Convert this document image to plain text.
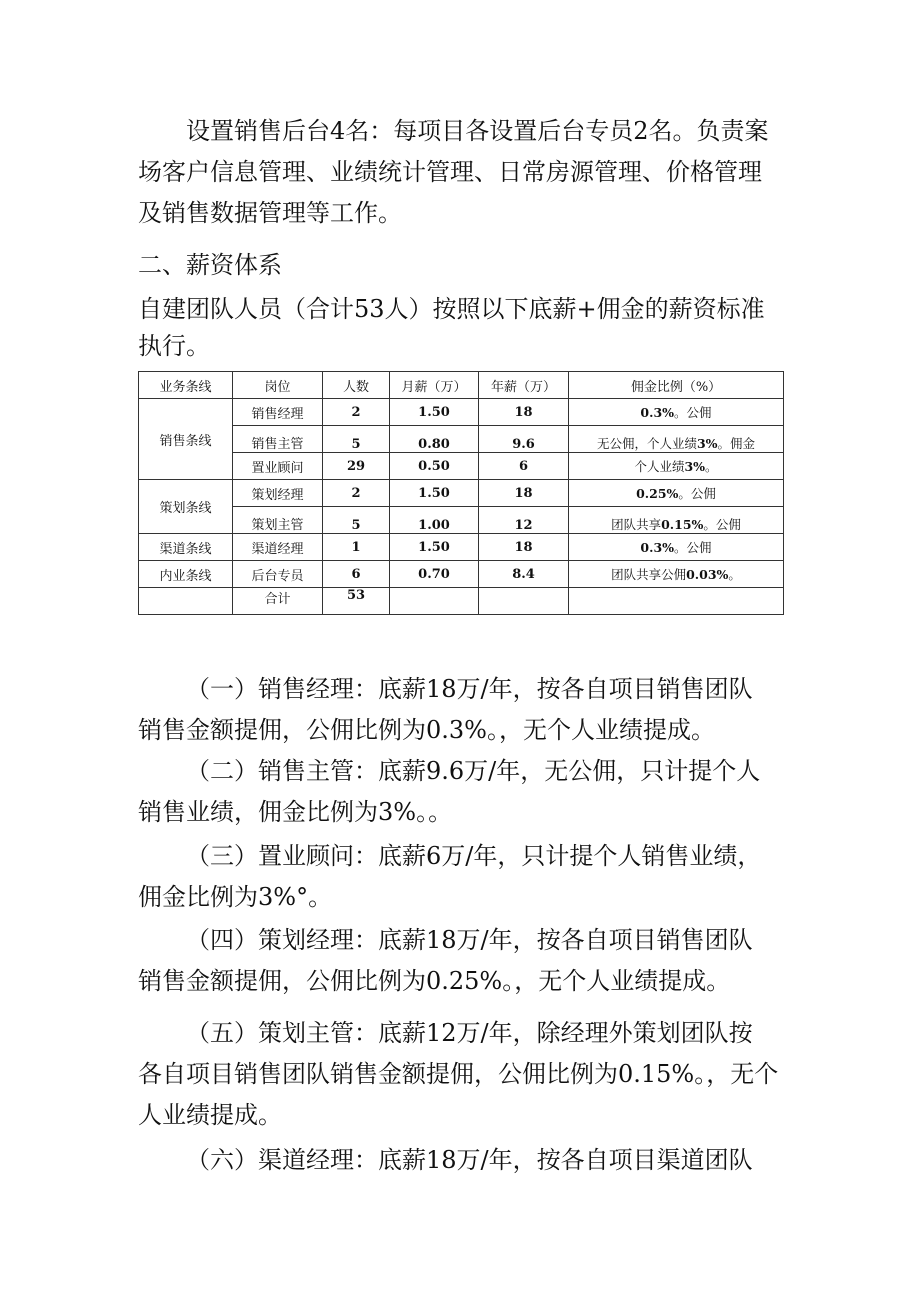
设置销售后台4名：每项目各设置后台专员2名。负责案
场客户信息管理、业绩统计管理、日常房源管理、价格管理
及销售数据管理等工作。
二、薪资体系
自建团队人员（合计53人）按照以下底薪+佣金的薪资标准
执行。
业务条线	岗位	人数	月薪（万）	年薪（万）	佣金比例（%）
销售条线	销售经理	2	1.50	18	0.3%。公佣
	销售主管	5	0.80	9.6	无公佣，个人业绩3%。佣金
	置业顾问	29	0.50	6	个人业绩3%。
策划条线	策划经理	2	1.50	18	0.25%。公佣
	策划主管	5	1.00	12	团队共享0.15%。公佣
渠道条线	渠道经理	1	1.50	18	0.3%。公佣
内业条线	后台专员	6	0.70	8.4	团队共享公佣0.03%。
	合计	53			
（一）销售经理：底薪18万/年，按各自项目销售团队
销售金额提佣，公佣比例为0.3%。，无个人业绩提成。
（二）销售主管：底薪9.6万/年，无公佣，只计提个人
销售业绩，佣金比例为3%。。
（三）置业顾问：底薪6万/年，只计提个人销售业绩，
佣金比例为3%°。
（四）策划经理：底薪18万/年，按各自项目销售团队
销售金额提佣，公佣比例为0.25%。，无个人业绩提成。
（五）策划主管：底薪12万/年，除经理外策划团队按
各自项目销售团队销售金额提佣，公佣比例为0.15%。，无个
人业绩提成。
（六）渠道经理：底薪18万/年，按各自项目渠道团队
